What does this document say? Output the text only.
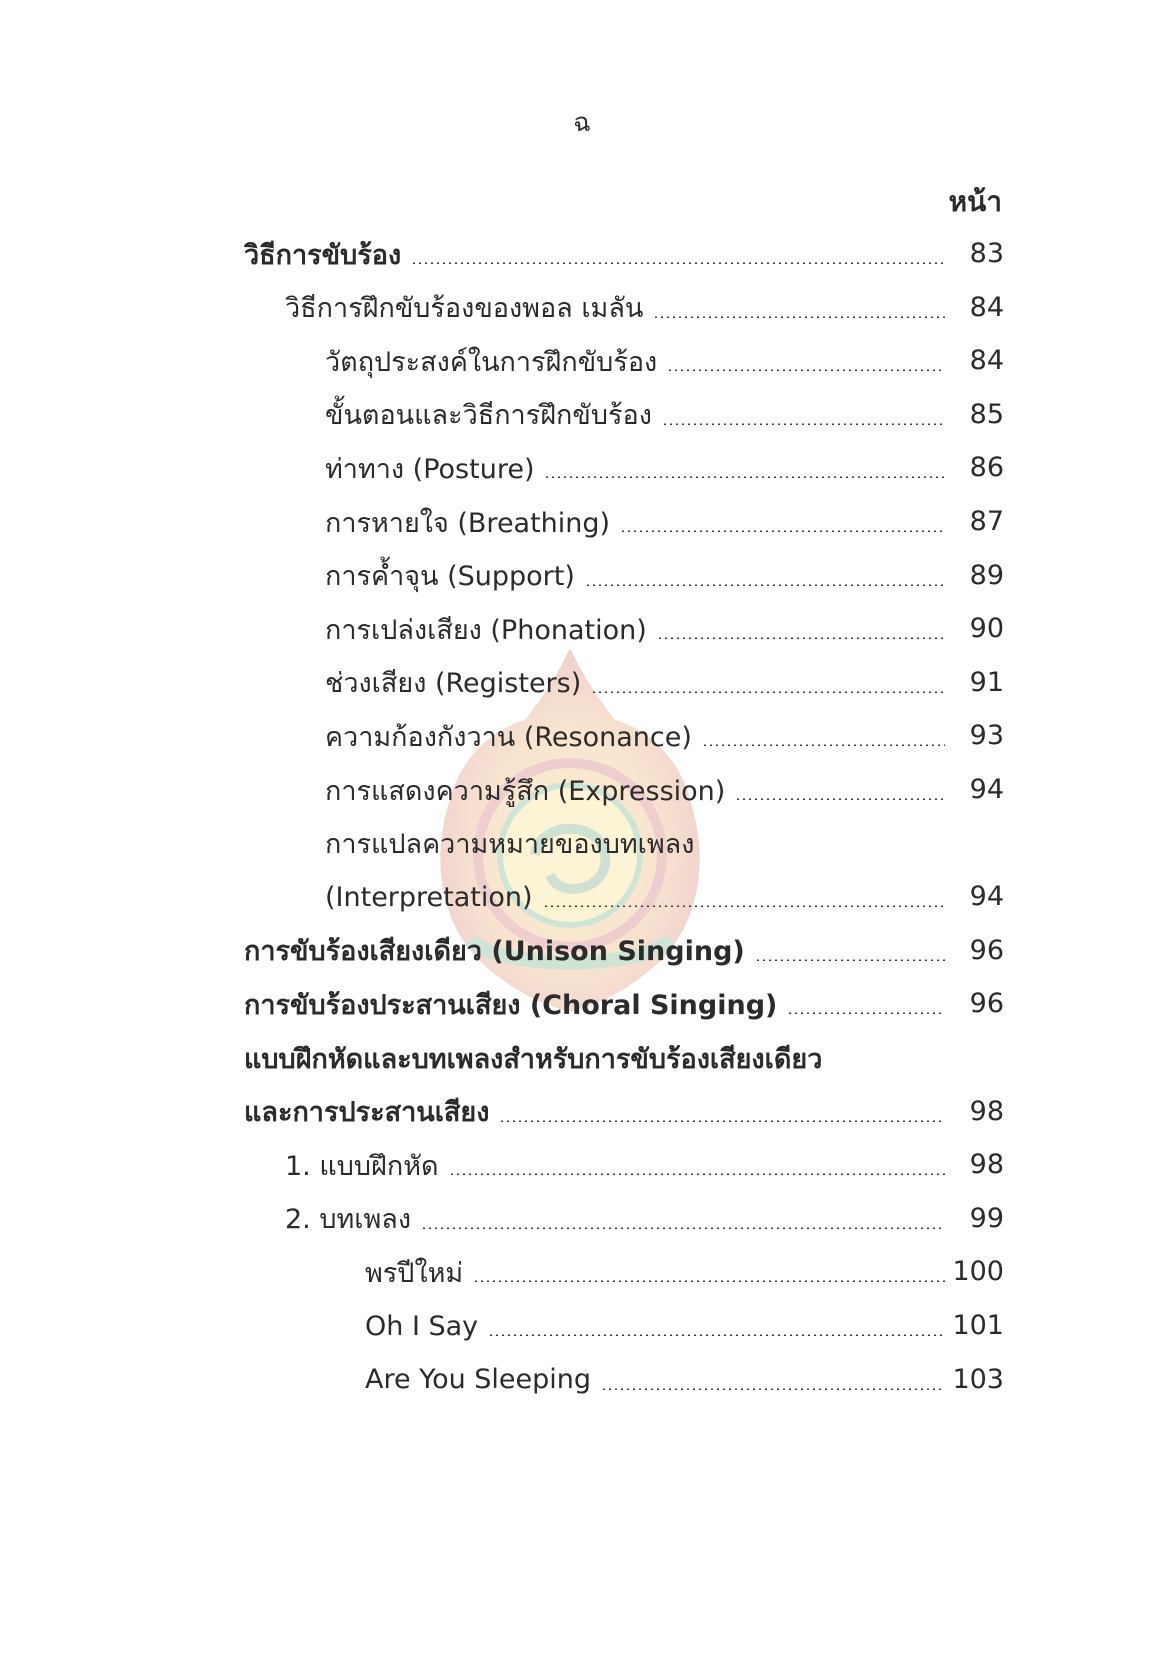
ฉ
หน้า
วิธีการขับร้อง	83
วิธีการฝึกขับร้องของพอล เมลัน	84
วัตถุประสงค์ในการฝึกขับร้อง	84
ขั้นตอนและวิธีการฝึกขับร้อง	85
ท่าทาง (Posture)	86
การหายใจ (Breathing)	87
การค้ำจุน (Support)	89
การเปล่งเสียง (Phonation)	90
ช่วงเสียง (Registers)	91
ความก้องกังวาน (Resonance)	93
การแสดงความรู้สึก (Expression)	94
การแปลความหมายของบทเพลง
(Interpretation)	94
การขับร้องเสียงเดียว (Unison Singing)	96
การขับร้องประสานเสียง (Choral Singing)	96
แบบฝึกหัดและบทเพลงสำหรับการขับร้องเสียงเดียว
และการประสานเสียง	98
1. แบบฝึกหัด	98
2. บทเพลง	99
พรปีใหม่	100
Oh I Say	101
Are You Sleeping	103
